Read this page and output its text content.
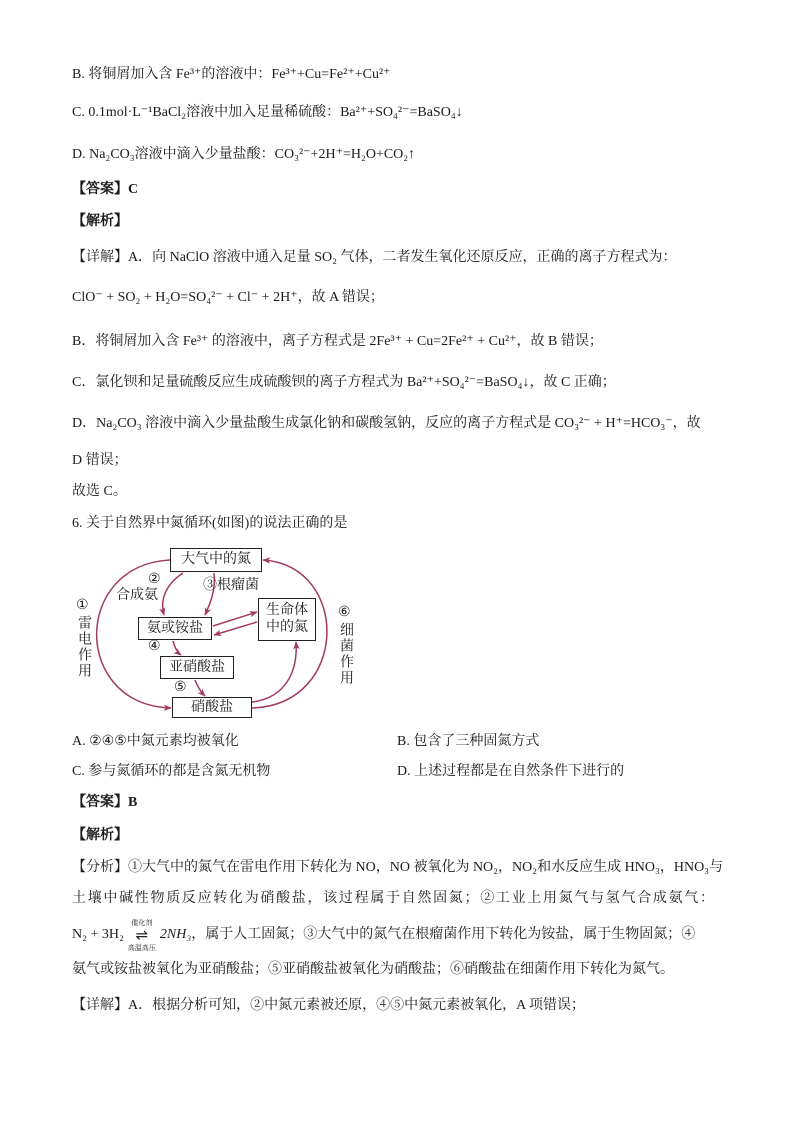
B. 将铜屑加入含 Fe³⁺的溶液中：Fe³⁺+Cu=Fe²⁺+Cu²⁺
C. 0.1mol·L⁻¹BaCl₂溶液中加入足量稀硫酸：Ba²⁺+SO₄²⁻=BaSO₄↓
D. Na₂CO₃溶液中滴入少量盐酸：CO₃²⁻+2H⁺=H₂O+CO₂↑
【答案】C
【解析】
【详解】A．向 NaClO 溶液中通入足量 SO₂ 气体，二者发生氧化还原反应，正确的离子方程式为：
ClO⁻ + SO₂ + H₂O=SO₄²⁻ + Cl⁻ + 2H⁺，故 A 错误；
B．将铜屑加入含 Fe³⁺ 的溶液中，离子方程式是 2Fe³⁺ + Cu=2Fe²⁺ + Cu²⁺，故 B 错误；
C．氯化钡和足量硫酸反应生成硫酸钡的离子方程式为 Ba²⁺+SO₄²⁻=BaSO₄↓，故 C 正确；
D．Na₂CO₃ 溶液中滴入少量盐酸生成氯化钠和碳酸氢钠，反应的离子方程式是 CO₃²⁻ + H⁺=HCO₃⁻，故
D 错误；
故选 C。
6. 关于自然界中氮循环(如图)的说法正确的是
大气中的氮
氨或铵盐
生命体
中的氮
亚硝酸盐
硝酸盐
①
雷电作用
②
合成氨
③根瘤菌
④
⑤
⑥
细菌作用
A. ②④⑤中氮元素均被氧化	B. 包含了三种固氮方式
C. 参与氮循环的都是含氮无机物	D. 上述过程都是在自然条件下进行的
【答案】B
【解析】
【分析】①大气中的氮气在雷电作用下转化为 NO，NO 被氧化为 NO₂，NO₂和水反应生成 HNO₃，HNO₃与
土壤中碱性物质反应转化为硝酸盐，该过程属于自然固氮；②工业上用氮气与氢气合成氨气：
N₂ + 3H₂
催化剂
⇌
高温高压
2NH₃，属于人工固氮；③大气中的氮气在根瘤菌作用下转化为铵盐，属于生物固氮；④
氨气或铵盐被氧化为亚硝酸盐；⑤亚硝酸盐被氧化为硝酸盐；⑥硝酸盐在细菌作用下转化为氮气。
【详解】A．根据分析可知，②中氮元素被还原，④⑤中氮元素被氧化，A 项错误；
